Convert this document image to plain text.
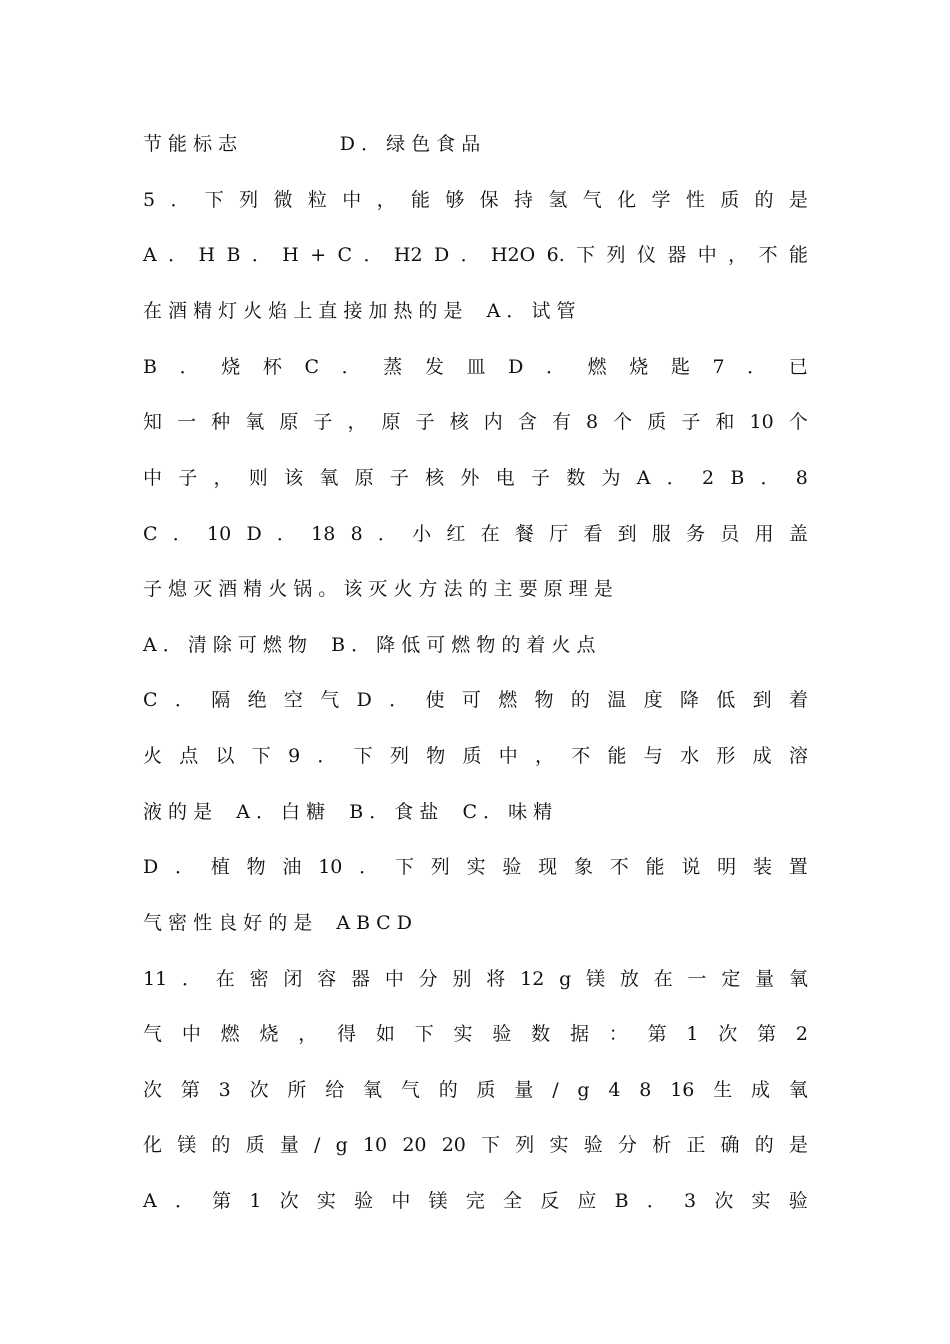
节 能 标 志                 D ． 绿 色 食 品
5 ． 下 列 微 粒 中 ， 能 够 保 持 氢 气 化 学 性 质 的 是
A ． H B ． H + C ． H2 D ． H2O 6. 下 列 仪 器 中 ， 不 能
在 酒 精 灯 火 焰 上 直 接 加 热 的 是    A ． 试 管
B ． 烧 杯 C ． 蒸 发 皿 D ． 燃 烧 匙 7 ． 已
知 一 种 氧 原 子 ， 原 子 核 内 含 有 8 个 质 子 和 10 个
中 子 ， 则 该 氧 原 子 核 外 电 子 数 为 A ． 2 B ． 8
C ． 10 D ． 18 8 ． 小 红 在 餐 厅 看 到 服 务 员 用 盖
子 熄 灭 酒 精 火 锅 。 该 灭 火 方 法 的 主 要 原 理 是
A ． 清 除 可 燃 物    B ． 降 低 可 燃 物 的 着 火 点
C ． 隔 绝 空 气 D ． 使 可 燃 物 的 温 度 降 低 到 着
火 点 以 下 9 ． 下 列 物 质 中 ， 不 能 与 水 形 成 溶
液 的 是    A ． 白 糖    B ． 食 盐    C ． 味 精
D ． 植 物 油 10 ． 下 列 实 验 现 象 不 能 说 明 装 置
气 密 性 良 好 的 是    A B C D
11 ． 在 密 闭 容 器 中 分 别 将 12 g 镁 放 在 一 定 量 氧
气 中 燃 烧 ， 得 如 下 实 验 数 据 ： 第 1 次 第 2
次 第 3 次 所 给 氧 气 的 质 量 / g 4 8 16 生 成 氧
化 镁 的 质 量 / g 10 20 20 下 列 实 验 分 析 正 确 的 是
A ． 第 1 次 实 验 中 镁 完 全 反 应 B ． 3 次 实 验
